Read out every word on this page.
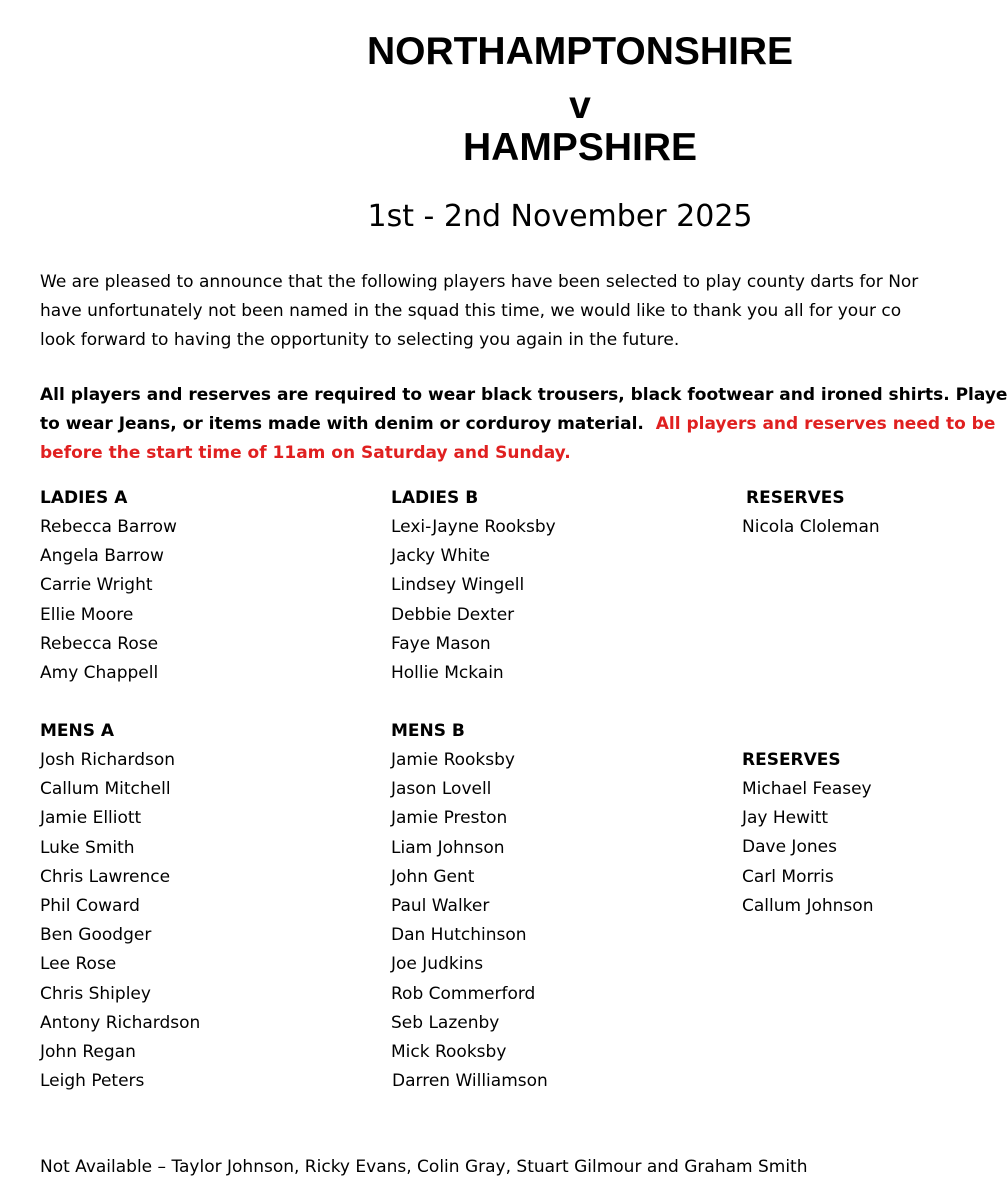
NORTHAMPTONSHIRE
v
HAMPSHIRE
1st - 2nd November 2025
We are pleased to announce that the following players have been selected to play county darts for Nor
have unfortunately not been named in the squad this time, we would like to thank you all for your co
look forward to having the opportunity to selecting you again in the future.
All players and reserves are required to wear black trousers, black footwear and ironed shirts. Playe
to wear Jeans, or items made with denim or corduroy material. All players and reserves need to be
before the start time of 11am on Saturday and Sunday.
LADIES A
Rebecca Barrow
Angela Barrow
Carrie Wright
Ellie Moore
Rebecca Rose
Amy Chappell
LADIES B
Lexi-Jayne Rooksby
Jacky White
Lindsey Wingell
Debbie Dexter
Faye Mason
Hollie Mckain
RESERVES
Nicola Cloleman
MENS A
Josh Richardson
Callum Mitchell
Jamie Elliott
Luke Smith
Chris Lawrence
Phil Coward
Ben Goodger
Lee Rose
Chris Shipley
Antony Richardson
John Regan
Leigh Peters
MENS B
Jamie Rooksby
Jason Lovell
Jamie Preston
Liam Johnson
John Gent
Paul Walker
Dan Hutchinson
Joe Judkins
Rob Commerford
Seb Lazenby
Mick Rooksby
Darren Williamson
RESERVES
Michael Feasey
Jay Hewitt
Dave Jones
Carl Morris
Callum Johnson
Not Available – Taylor Johnson, Ricky Evans, Colin Gray, Stuart Gilmour and Graham Smith
